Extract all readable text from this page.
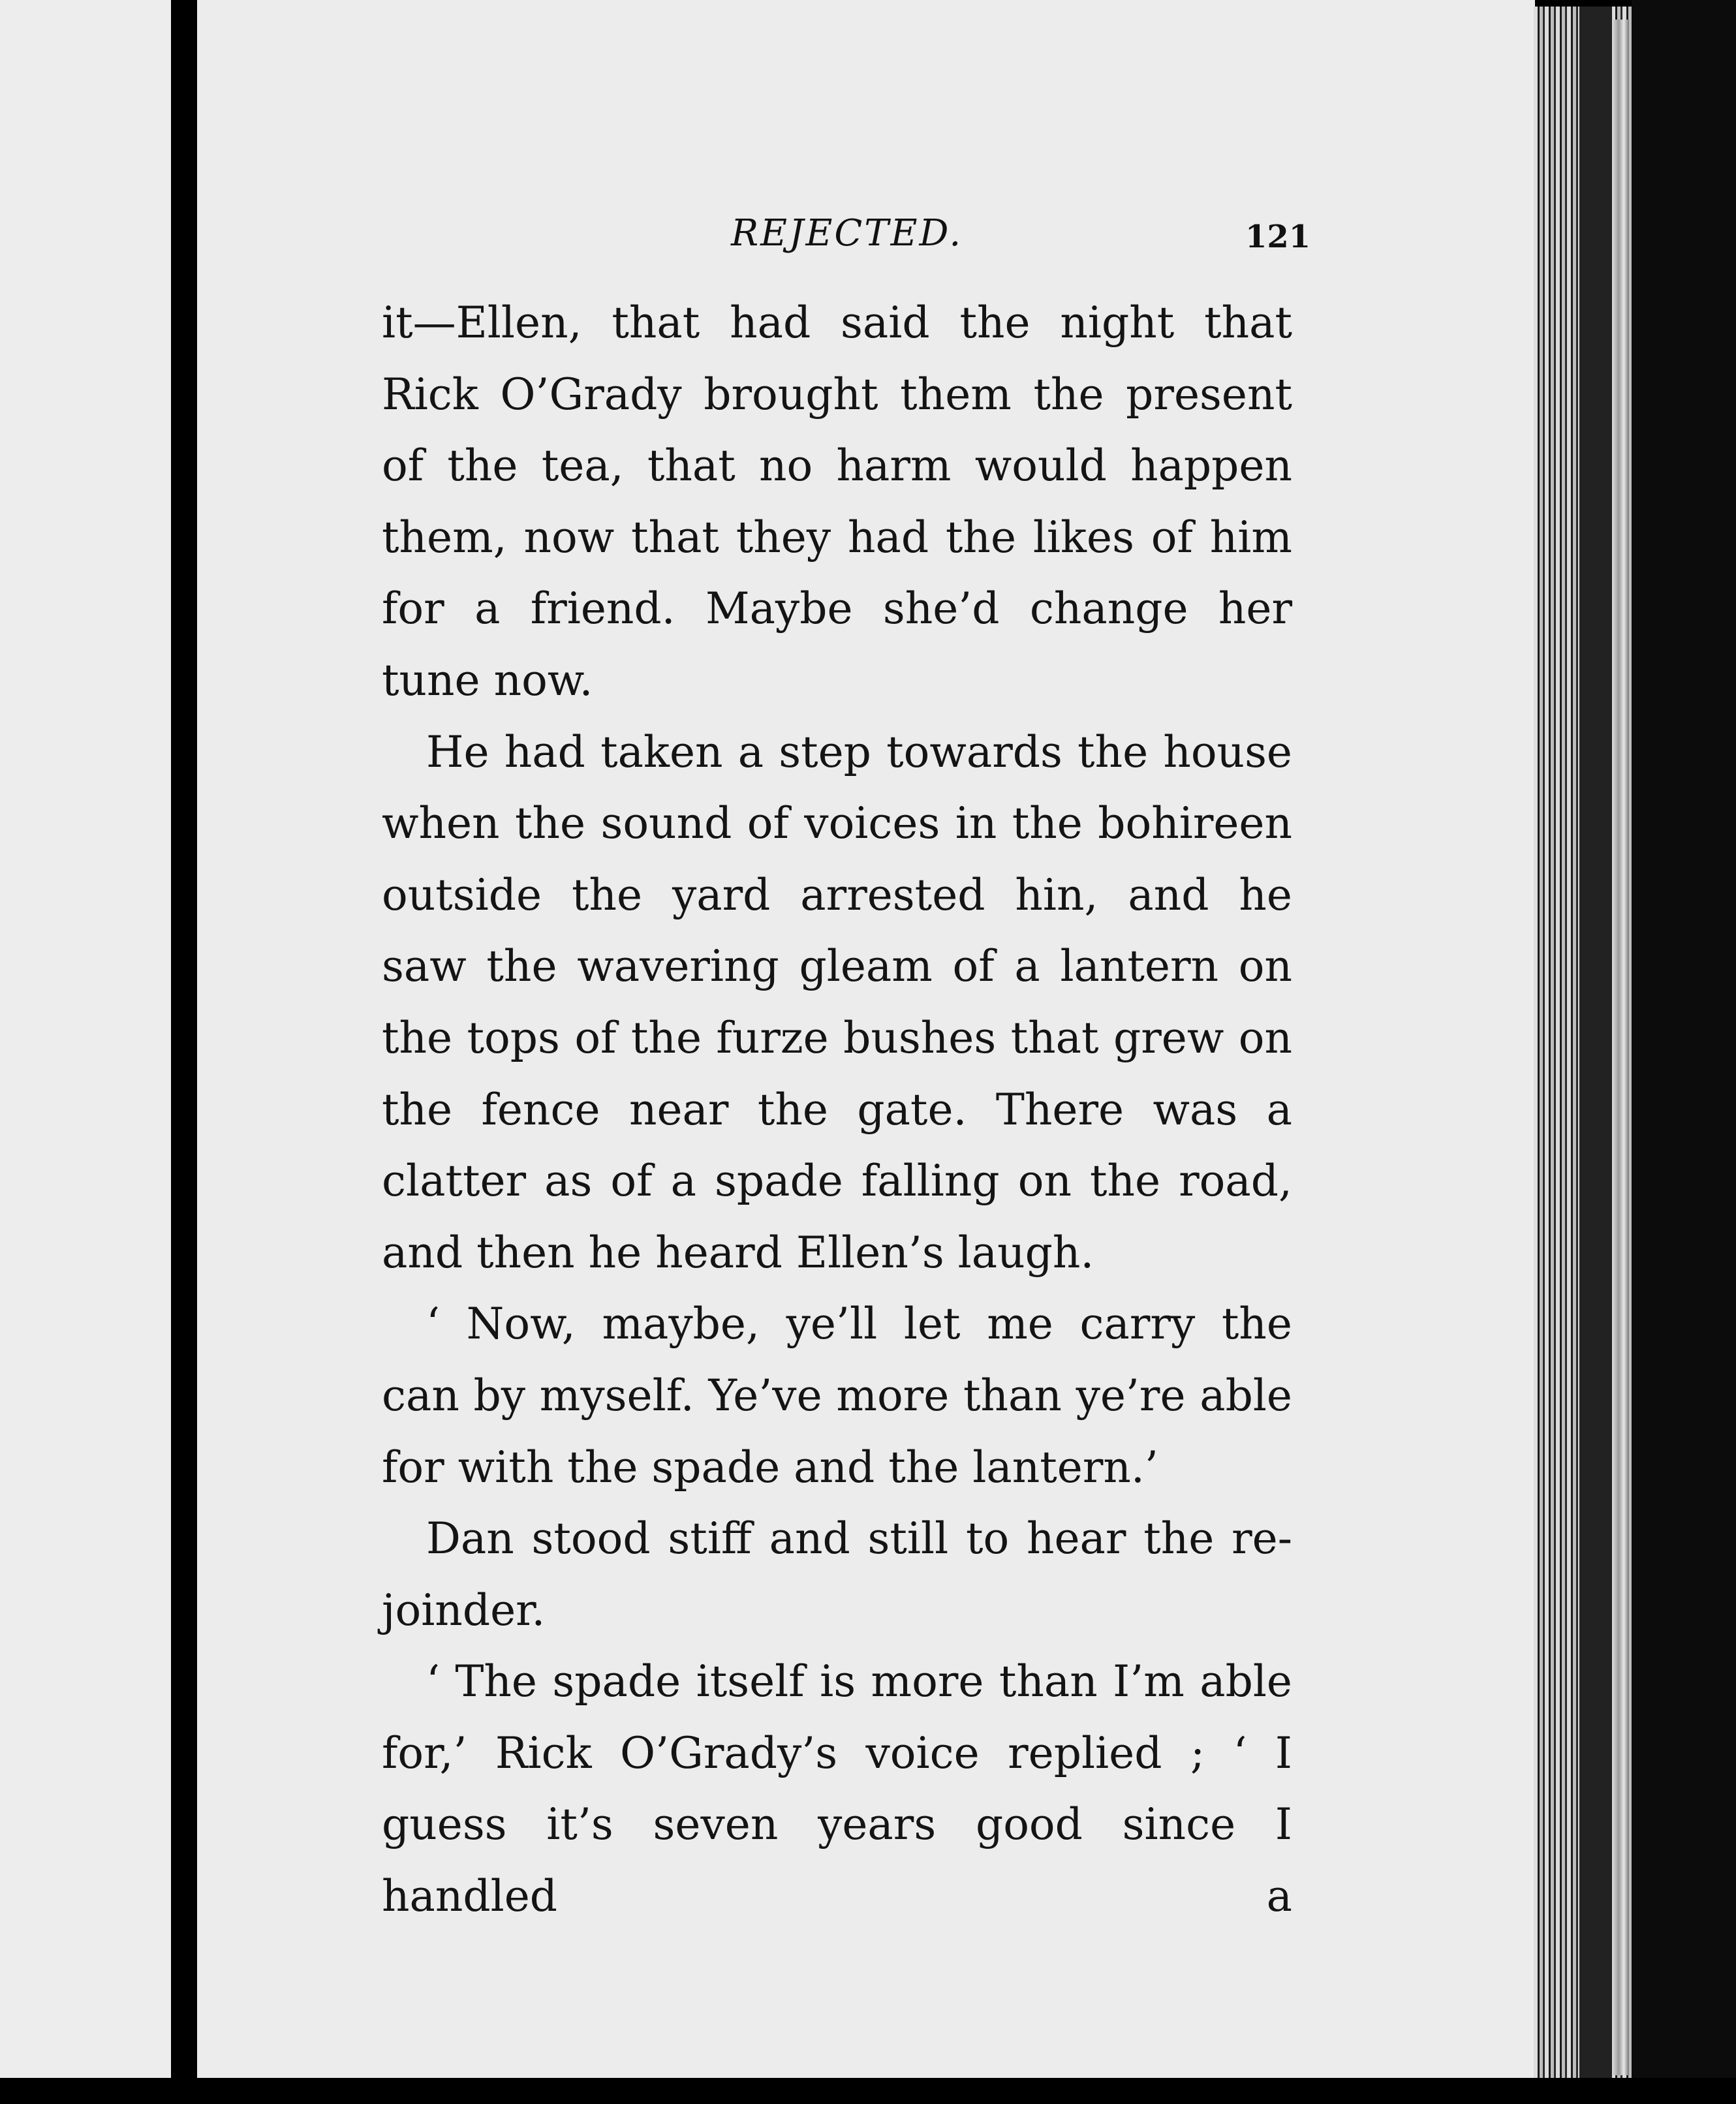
REJECTED.	121

it—Ellen, that had said the night that Rick O’Grady brought them the present of the tea, that no harm would happen them, now that they had the likes of him for a friend. Maybe she’d change her tune now.

He had taken a step towards the house when the sound of voices in the bohireen outside the yard arrested hin, and he saw the wavering gleam of a lantern on the tops of the furze bushes that grew on the fence near the gate. There was a clatter as of a spade falling on the road, and then he heard Ellen’s laugh.

‘ Now, maybe, ye’ll let me carry the can by myself. Ye’ve more than ye’re able for with the spade and the lantern.’

Dan stood stiff and still to hear the re- joinder.

‘ The spade itself is more than I’m able for,’ Rick O’Grady’s voice replied ; ‘ I guess it’s seven years good since I handled a
